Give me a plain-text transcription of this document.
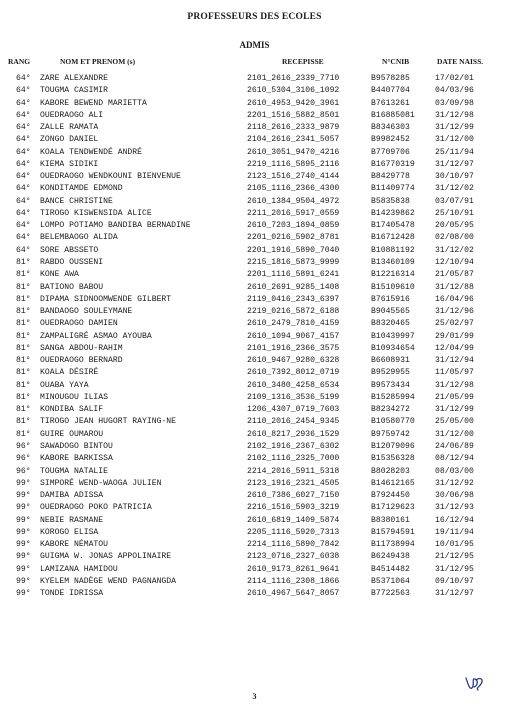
PROFESSEURS DES ECOLES
ADMIS
RANG	NOM ET PRENOM (s)	RECEPISSE	N°CNIB	DATE NAISS.
64° ZARE ALEXANDRE	2101_2616_2339_7710	B9578285	17/02/01
64° TOUGMA CASIMIR	2610_5304_3106_1092	B4407704	04/03/96
64° KABORE BEWEND MARIETTA	2610_4953_9420_3961	B7613261	03/09/98
64° OUEDRAOGO ALI	2201_1516_5882_8501	B16885081	31/12/98
64° ZALLE RAMATA	2118_2616_2333_9879	B8346303	31/12/99
64° ZONGO DANIEL	2104_2616_2341_5057	B9982452	31/12/00
64° KOALA TENDWENDÉ ANDRÉ	2610_3051_9470_4216	B7709706	25/11/94
64° KIEMA SIDIKI	2219_1116_5895_2116	B16770319	31/12/97
64° OUEDRAOGO WENDKOUNI BIENVENUE	2123_1516_2740_4144	B8429778	30/10/97
64° KONDITAMDE EDMOND	2105_1116_2366_4300	B11409774	31/12/02
64° BANCE CHRISTINE	2610_1384_9504_4972	B5835838	03/07/91
64° TIROGO KISWENSIDA ALICE	2211_2016_5917_0559	B14239862	25/10/91
64° LOMPO POTIAMO BANDIBA BERNADINE	2610_7203_1894_0859	B17405478	20/05/95
64° BELEMBAOGO ALIDA	2201_0216_5902_8781	B16712428	02/08/00
64° SORE ABSSETO	2201_1916_5890_7040	B10881192	31/12/02
81° RABDO OUSSENI	2215_1816_5873_9999	B13460109	12/10/94
81° KONE AWA	2201_1116_5891_6241	B12216314	21/05/87
81° BATIONO BABOU	2610_2691_9285_1408	B15109610	31/12/88
81° DIPAMA SIDNOOMWENDE GILBERT	2119_0416_2343_6397	B7615916	16/04/96
81° BANDAOGO SOULEYMANE	2219_0216_5872_6188	B9045565	31/12/96
81° OUEDRAOGO DAMIEN	2610_2479_7810_4159	B8320465	25/02/97
81° ZAMPALIGRÉ ASMAO AYOUBA	2610_1094_9067_4157	B10439997	29/01/99
81° SANGA ABDOU-RAHIM	2101_1916_2366_3575	B10934654	12/04/99
81° OUEDRAOGO BERNARD	2610_9467_9280_6328	B6608931	31/12/94
81° KOALA DÉSIRÉ	2610_7392_8012_0719	B9529955	11/05/97
81° OUABA YAYA	2610_3480_4258_6534	B9573434	31/12/98
81° MINOUGOU ILIAS	2109_1316_3536_5199	B15285994	21/05/99
81° KONDIBA SALIF	1206_4307_0719_7603	B8234272	31/12/99
81° TIROGO JEAN HUGORT RAYING-NE	2110_2016_2454_9345	B10580770	25/05/00
81° GUIRE OUMAROU	2610_8217_2936_1529	B9759742	31/12/00
96° SAWADOGO BINTOU	2102_1916_2367_6302	B12079096	24/06/89
96° KABORE BARKISSA	2102_1116_2325_7000	B15356328	08/12/94
96° TOUGMA NATALIE	2214_2016_5911_5318	B8028203	08/03/00
99° SIMPORÉ WEND-WAOGA JULIEN	2123_1916_2321_4505	B14612165	31/12/92
99° DAMIBA ADISSA	2610_7386_6027_7150	B7924450	30/06/98
99° OUEDRAOGO POKO PATRICIA	2216_1516_5903_3219	B17129623	31/12/93
99° NEBIE RASMANE	2610_6819_1409_5874	B8380161	16/12/94
99° KOROGO ELISA	2205_1116_5920_7313	B15794591	19/11/94
99° KABORE NÉMATOU	2214_1116_5890_7842	B11738994	10/01/95
99° GUIGMA W. JONAS APPOLINAIRE	2123_0716_2327_6038	B6249438	21/12/95
99° LAMIZANA HAMIDOU	2610_9173_8261_9641	B4514482	31/12/95
99° KYELEM NADÈGE WEND PAGNANGDA	2114_1116_2308_1866	B5371064	09/10/97
99° TONDE IDRISSA	2610_4967_5647_8057	B7722563	31/12/97
3
